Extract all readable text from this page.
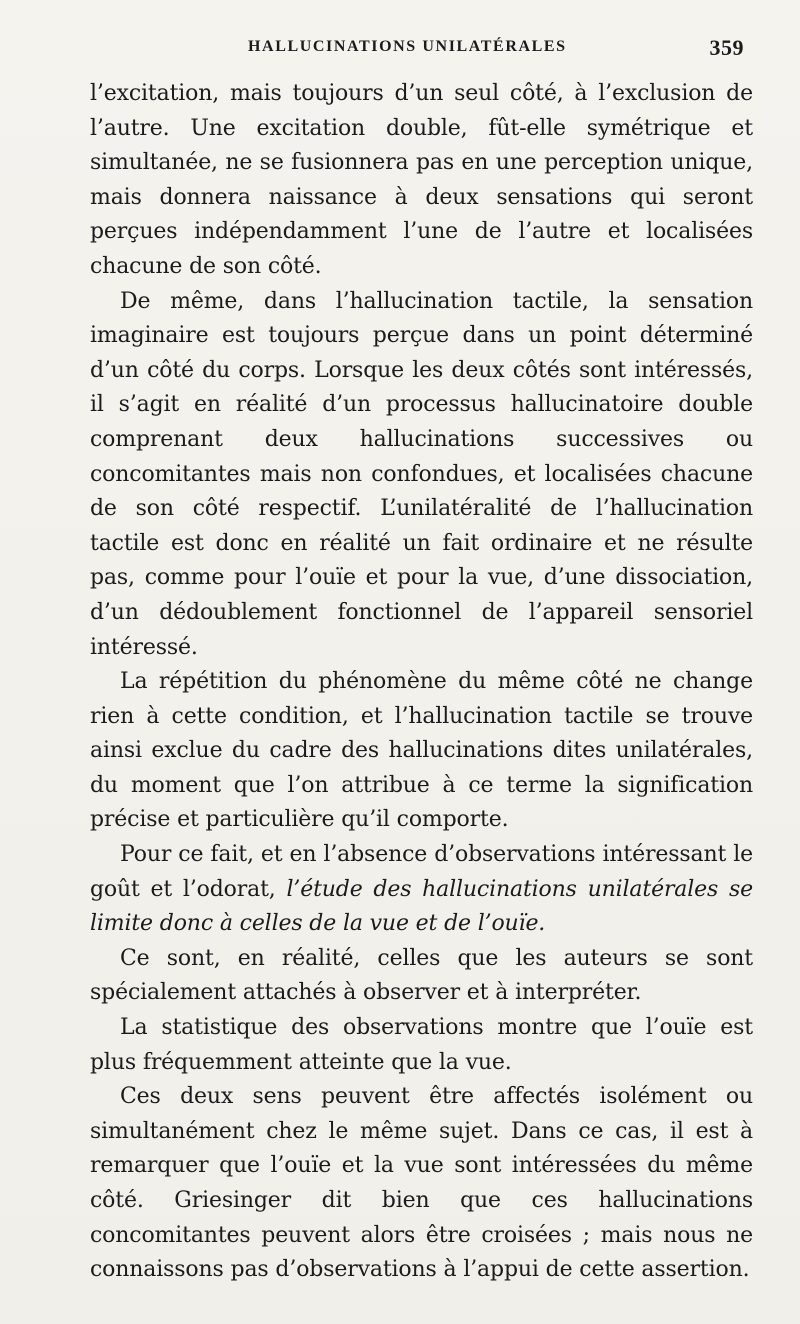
HALLUCINATIONS UNILATÉRALES	359

l’excitation, mais toujours d’un seul côté, à l’exclusion de l’autre. Une excitation double, fût-elle symétrique et simultanée, ne se fusionnera pas en une perception unique, mais donnera naissance à deux sensations qui seront perçues indépendamment l’une de l’autre et localisées chacune de son côté.

De même, dans l’hallucination tactile, la sensation imaginaire est toujours perçue dans un point déterminé d’un côté du corps. Lorsque les deux côtés sont intéressés, il s’agit en réalité d’un processus hallucinatoire double comprenant deux hallucinations successives ou concomitantes mais non confondues, et localisées chacune de son côté respectif. L’unilatéralité de l’hallucination tactile est donc en réalité un fait ordinaire et ne résulte pas, comme pour l’ouïe et pour la vue, d’une dissociation, d’un dédoublement fonctionnel de l’appareil sensoriel intéressé.

La répétition du phénomène du même côté ne change rien à cette condition, et l’hallucination tactile se trouve ainsi exclue du cadre des hallucinations dites unilatérales, du moment que l’on attribue à ce terme la signification précise et particulière qu’il comporte.

Pour ce fait, et en l’absence d’observations intéressant le goût et l’odorat, l’étude des hallucinations unilatérales se limite donc à celles de la vue et de l’ouïe.

Ce sont, en réalité, celles que les auteurs se sont spécialement attachés à observer et à interpréter.

La statistique des observations montre que l’ouïe est plus fréquemment atteinte que la vue.

Ces deux sens peuvent être affectés isolément ou simultanément chez le même sujet. Dans ce cas, il est à remarquer que l’ouïe et la vue sont intéressées du même côté. Griesinger dit bien que ces hallucinations concomitantes peuvent alors être croisées ; mais nous ne connaissons pas d’observations à l’appui de cette assertion.
